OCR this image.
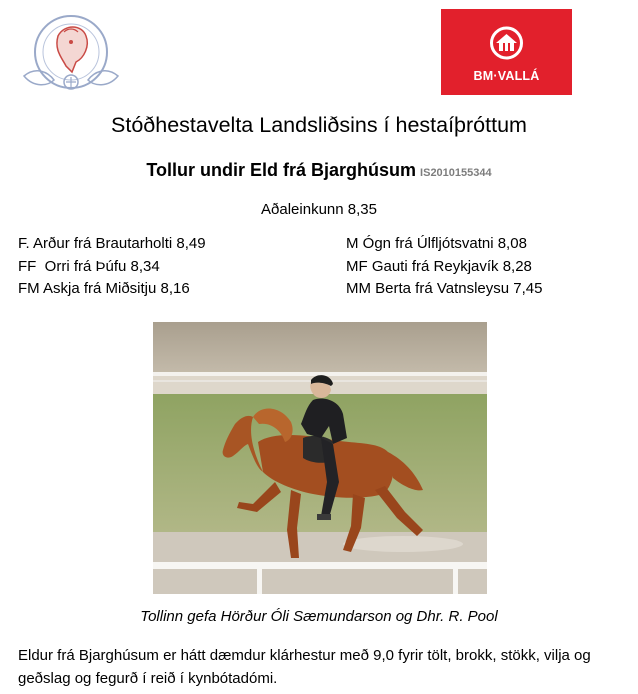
BM·VALLÁ
Stóðhestavelta Landsliðsins í hestaíþróttum
Tollur undir Eld frá Bjarghúsum IS2010155344
Aðaleinkunn 8,35
F. Arður frá Brautarholti 8,49
FF  Orri frá Þúfu 8,34
FM Askja frá Miðsitju 8,16
M Ógn frá Úlfljótsvatni 8,08
MF Gauti frá Reykjavík 8,28
MM Berta frá Vatnsleysu 7,45
Tollinn gefa Hörður Óli Sæmundarson og Dhr. R. Pool
Eldur frá Bjarghúsum er hátt dæmdur klárhestur með 9,0 fyrir tölt, brokk, stökk, vilja og geðslag og fegurð í reið í kynbótadómi.
